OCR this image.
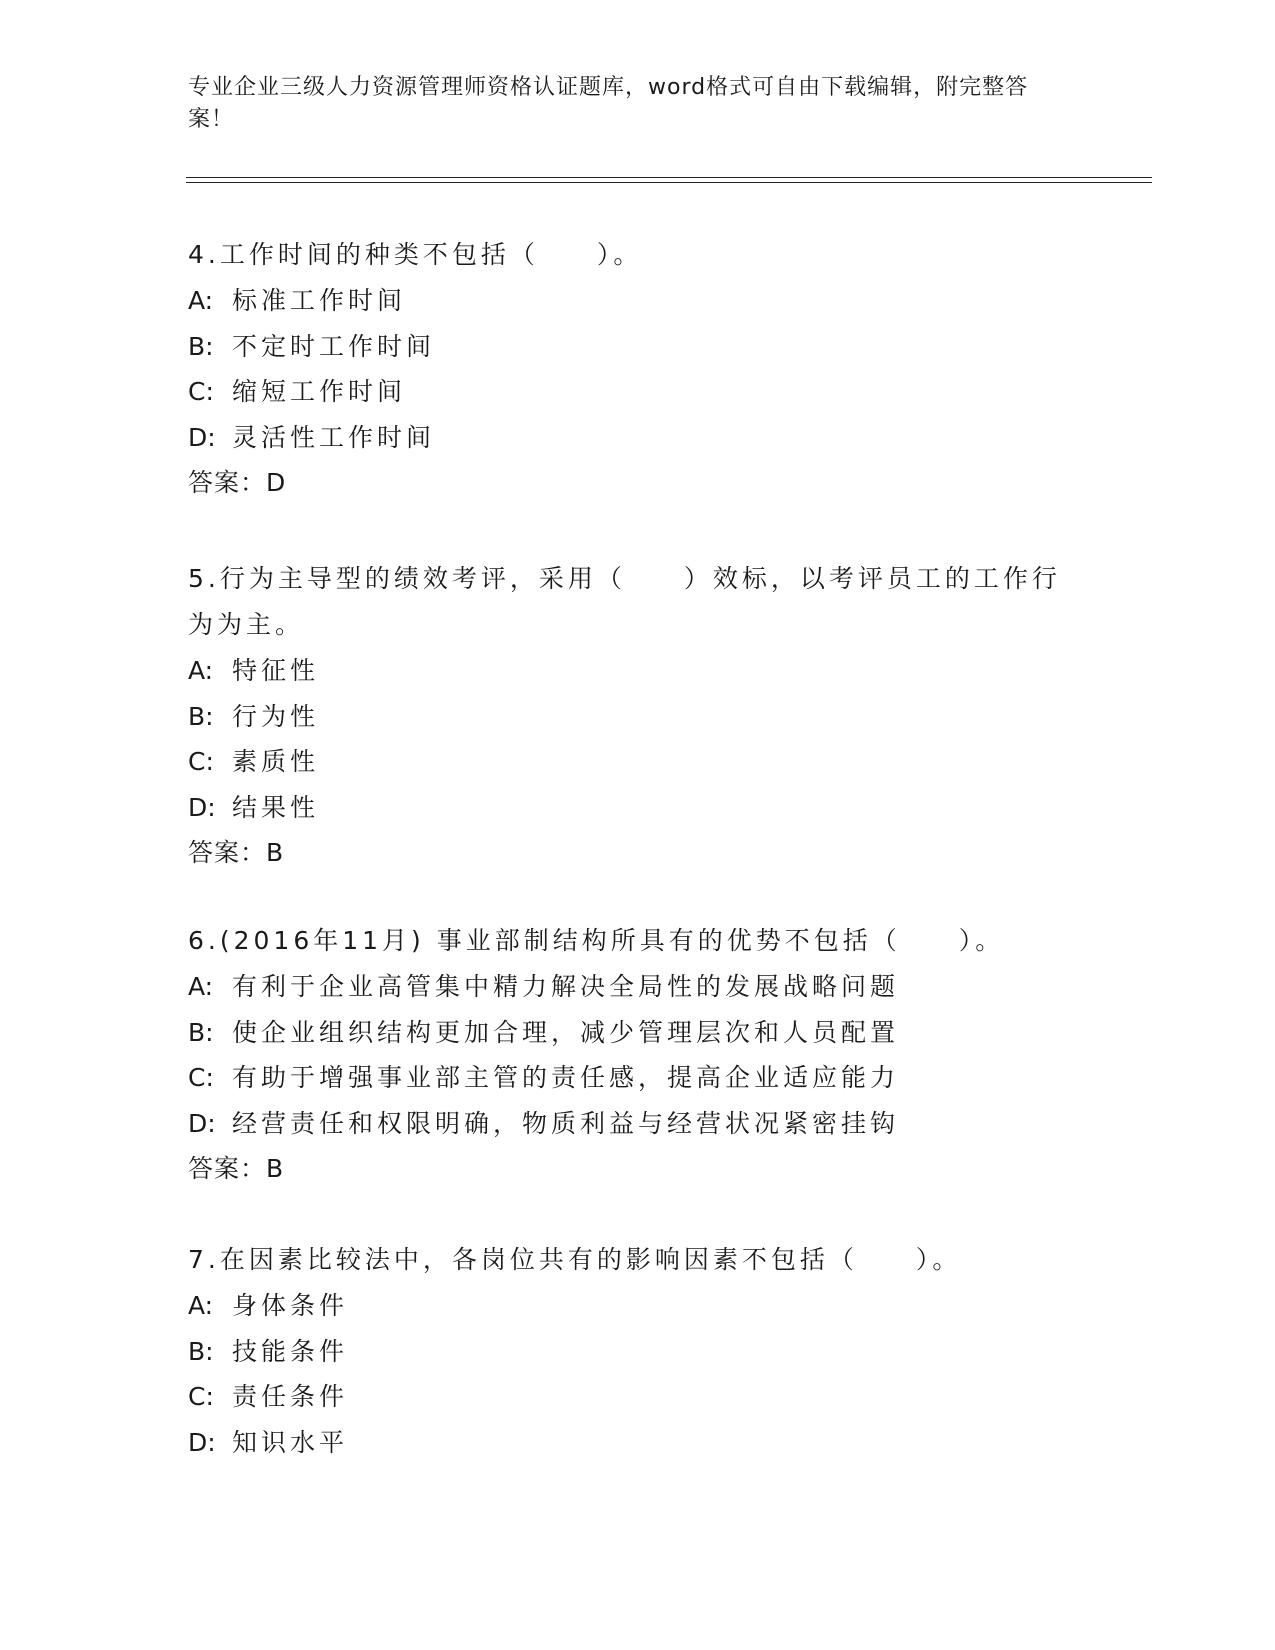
专业企业三级人力资源管理师资格认证题库，word格式可自由下载编辑，附完整答案！
4.工作时间的种类不包括（　　）。
A: 标准工作时间
B: 不定时工作时间
C: 缩短工作时间
D: 灵活性工作时间
答案：D
5.行为主导型的绩效考评，采用（　　）效标，以考评员工的工作行为为主。
A: 特征性
B: 行为性
C: 素质性
D: 结果性
答案：B
6.(2016年11月) 事业部制结构所具有的优势不包括（　　）。
A: 有利于企业高管集中精力解决全局性的发展战略问题
B: 使企业组织结构更加合理，减少管理层次和人员配置
C: 有助于增强事业部主管的责任感，提高企业适应能力
D: 经营责任和权限明确，物质利益与经营状况紧密挂钩
答案：B
7.在因素比较法中，各岗位共有的影响因素不包括（　　）。
A: 身体条件
B: 技能条件
C: 责任条件
D: 知识水平
